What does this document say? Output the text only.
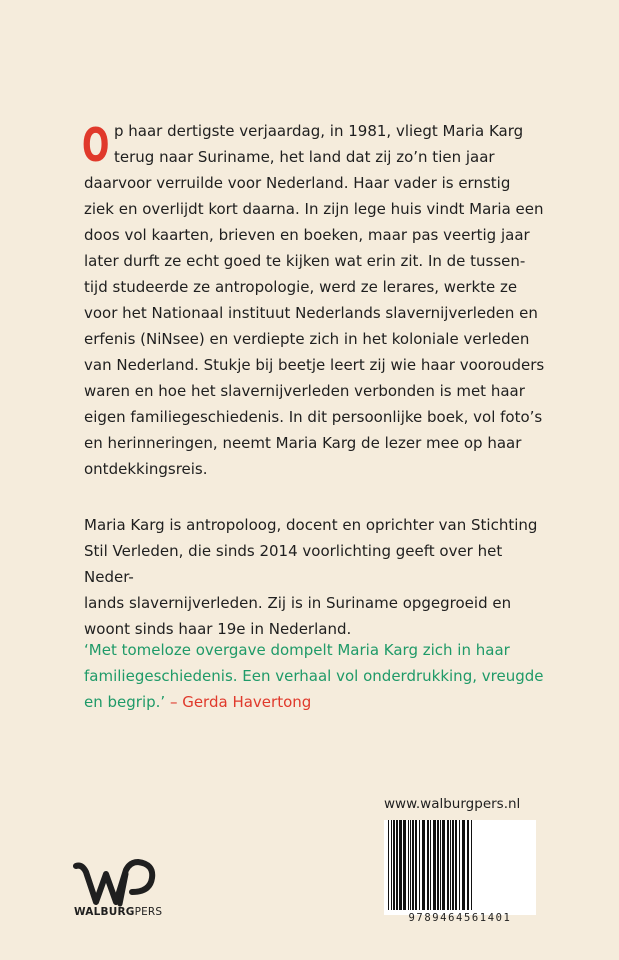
O p haar dertigste verjaardag, in 1981, vliegt Maria Karg

terug naar Suriname, het land dat zij zo’n tien jaar

daarvoor verruilde voor Nederland. Haar vader is ernstig

ziek en overlijdt kort daarna. In zijn lege huis vindt Maria een

doos vol kaarten, brieven en boeken, maar pas veertig jaar

later durft ze echt goed te kijken wat erin zit. In de tussen-

tijd studeerde ze antropologie, werd ze lerares, werkte ze

voor het Nationaal instituut Nederlands slavernijverleden en

erfenis (NiNsee) en verdiepte zich in het koloniale verleden

van Nederland. Stukje bij beetje leert zij wie haar voorouders

waren en hoe het slavernijverleden verbonden is met haar

eigen familiegeschiedenis. In dit persoonlijke boek, vol foto’s

en herinneringen, neemt Maria Karg de lezer mee op haar

ontdekkingsreis.

Maria Karg is antropoloog, docent en oprichter van Stichting

Stil Verleden, die sinds 2014 voorlichting geeft over het Neder-

lands slavernijverleden. Zij is in Suriname opgegroeid en

woont sinds haar 19e in Nederland.

‘Met tomeloze overgave dompelt Maria Karg zich in haar

familiegeschiedenis. Een verhaal vol onderdrukking, vreugde

en begrip.’ – Gerda Havertong

www.walburgpers.nl
9789464561401
WALBURGPERS
